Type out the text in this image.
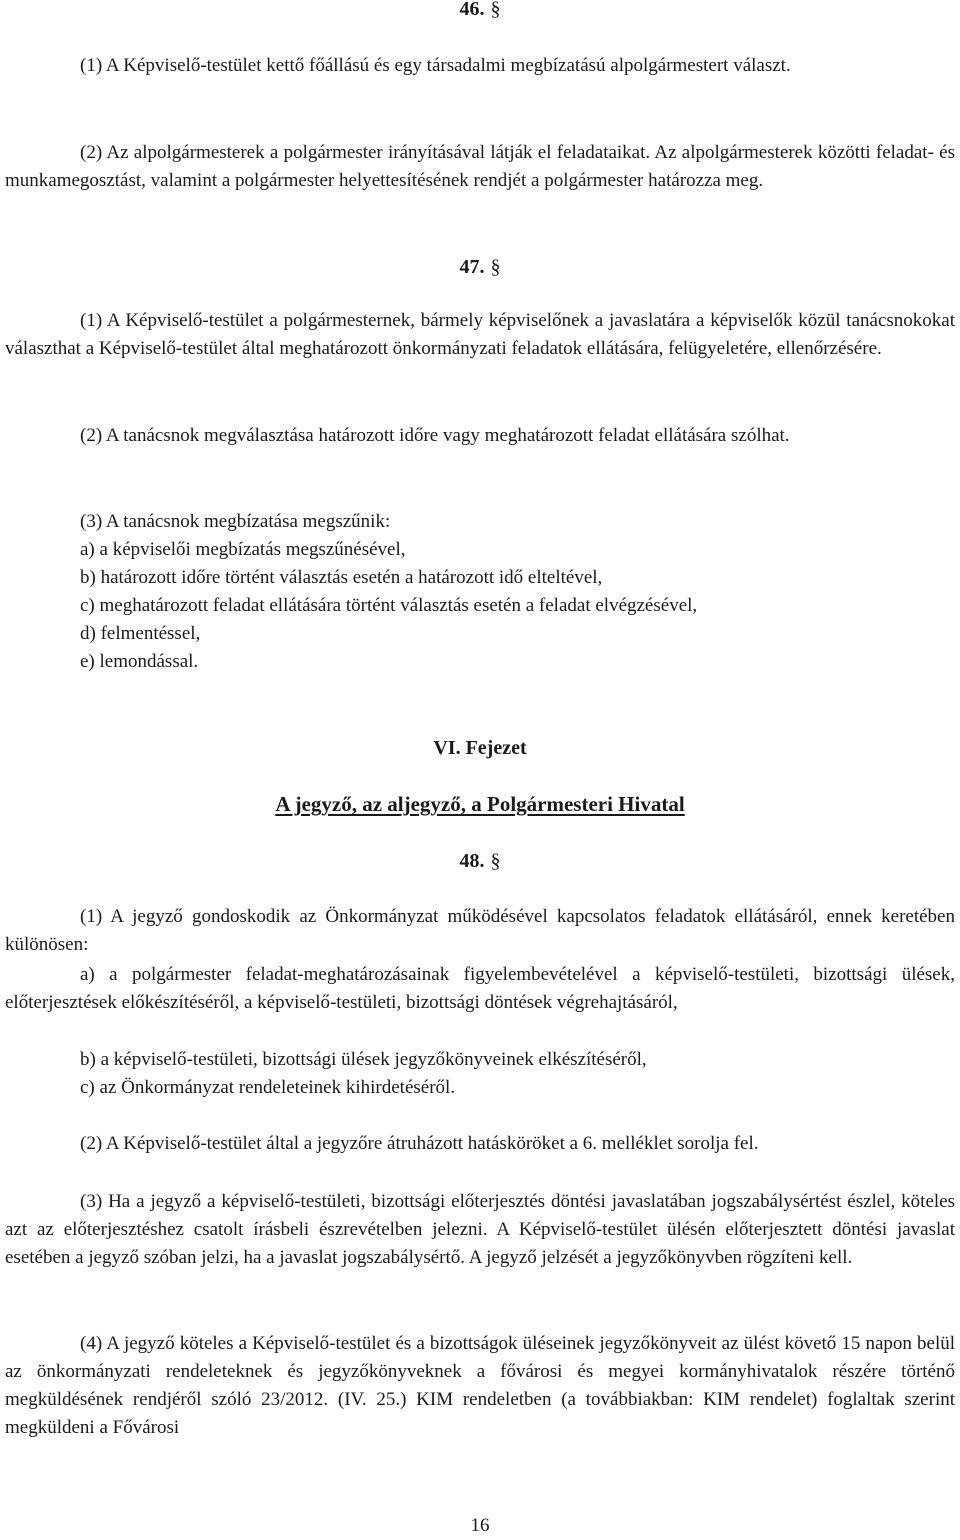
46. §

(1) A Képviselő-testület kettő főállású és egy társadalmi megbízatású alpolgármestert választ.

(2) Az alpolgármesterek a polgármester irányításával látják el feladataikat. Az alpolgármesterek közötti feladat- és munkamegosztást, valamint a polgármester helyettesítésének rendjét a polgármester határozza meg.

47. §

(1) A Képviselő-testület a polgármesternek, bármely képviselőnek a javaslatára a képviselők közül tanácsnokokat választhat a Képviselő-testület által meghatározott önkormányzati feladatok ellátására, felügyeletére, ellenőrzésére.

(2) A tanácsnok megválasztása határozott időre vagy meghatározott feladat ellátására szólhat.

(3) A tanácsnok megbízatása megszűnik:

a) a képviselői megbízatás megszűnésével,

b) határozott időre történt választás esetén a határozott idő elteltével,

c) meghatározott feladat ellátására történt választás esetén a feladat elvégzésével,

d) felmentéssel,

e) lemondással.

VI. Fejezet
A jegyző, az aljegyző, a Polgármesteri Hivatal
48. §

(1) A jegyző gondoskodik az Önkormányzat működésével kapcsolatos feladatok ellátásáról, ennek keretében különösen:

a) a polgármester feladat-meghatározásainak figyelembevételével a képviselő-testületi, bizottsági ülések, előterjesztések előkészítéséről, a képviselő-testületi, bizottsági döntések végrehajtásáról,

b) a képviselő-testületi, bizottsági ülések jegyzőkönyveinek elkészítéséről,

c) az Önkormányzat rendeleteinek kihirdetéséről.

(2) A Képviselő-testület által a jegyzőre átruházott hatásköröket a 6. melléklet sorolja fel.

(3) Ha a jegyző a képviselő-testületi, bizottsági előterjesztés döntési javaslatában jogszabálysértést észlel, köteles azt az előterjesztéshez csatolt írásbeli észrevételben jelezni. A Képviselő-testület ülésén előterjesztett döntési javaslat esetében a jegyző szóban jelzi, ha a javaslat jogszabálysértő. A jegyző jelzését a jegyzőkönyvben rögzíteni kell.

(4) A jegyző köteles a Képviselő-testület és a bizottságok üléseinek jegyzőkönyveit az ülést követő 15 napon belül az önkormányzati rendeleteknek és jegyzőkönyveknek a fővárosi és megyei kormányhivatalok részére történő megküldésének rendjéről szóló 23/2012. (IV. 25.) KIM rendeletben (a továbbiakban: KIM rendelet) foglaltak szerint megküldeni a Fővárosi

16
